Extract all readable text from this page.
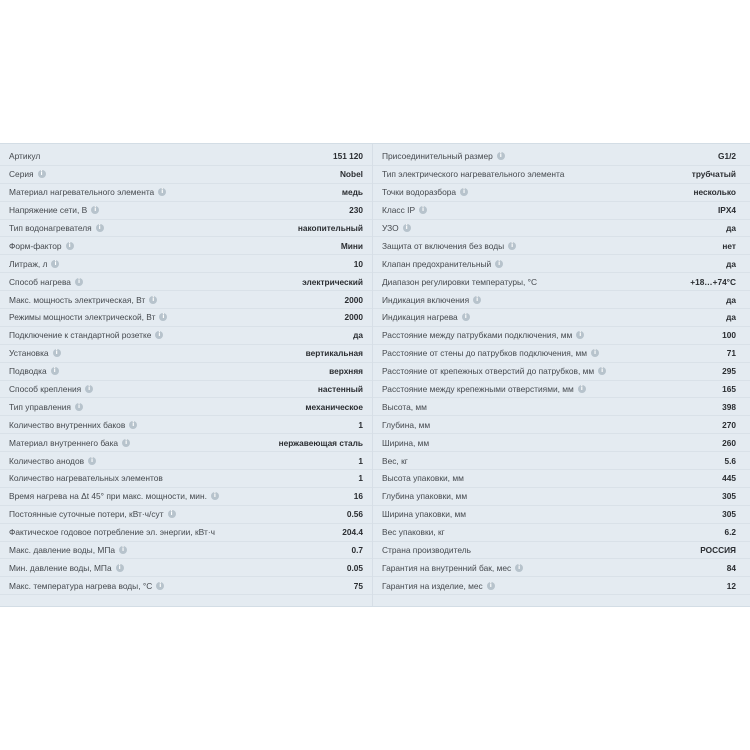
Артикул	151 120
Серия	i	Nobel
Материал нагревательного элемента	i	медь
Напряжение сети, В	i	230
Тип водонагревателя	i	накопительный
Форм-фактор	i	Мини
Литраж, л	i	10
Способ нагрева	i	электрический
Макс. мощность электрическая, Вт	i	2000
Режимы мощности электрической, Вт	i	2000
Подключение к стандартной розетке	i	да
Установка	i	вертикальная
Подводка	i	верхняя
Способ крепления	i	настенный
Тип управления	i	механическое
Количество внутренних баков	i	1
Материал внутреннего бака	i	нержавеющая сталь
Количество анодов	i	1
Количество нагревательных элементов	1
Время нагрева на Δt 45° при макс. мощности, мин.	i	16
Постоянные суточные потери, кВт·ч/сут	i	0.56
Фактическое годовое потребление эл. энергии, кВт·ч	204.4
Макс. давление воды, МПа	i	0.7
Мин. давление воды, МПа	i	0.05
Макс. температура нагрева воды, °С	i	75
Присоединительный размер	i	G1/2
Тип электрического нагревательного элемента	трубчатый
Точки водоразбора	i	несколько
Класс IP	i	IPX4
УЗО	i	да
Защита от включения без воды	i	нет
Клапан предохранительный	i	да
Диапазон регулировки температуры, °С	+18…+74°C
Индикация включения	i	да
Индикация нагрева	i	да
Расстояние между патрубками подключения, мм	i	100
Расстояние от стены до патрубков подключения, мм	i	71
Расстояние от крепежных отверстий до патрубков, мм	i	295
Расстояние между крепежными отверстиями, мм	i	165
Высота, мм	398
Глубина, мм	270
Ширина, мм	260
Вес, кг	5.6
Высота упаковки, мм	445
Глубина упаковки, мм	305
Ширина упаковки, мм	305
Вес упаковки, кг	6.2
Страна производитель	РОССИЯ
Гарантия на внутренний бак, мес	i	84
Гарантия на изделие, мес	i	12
